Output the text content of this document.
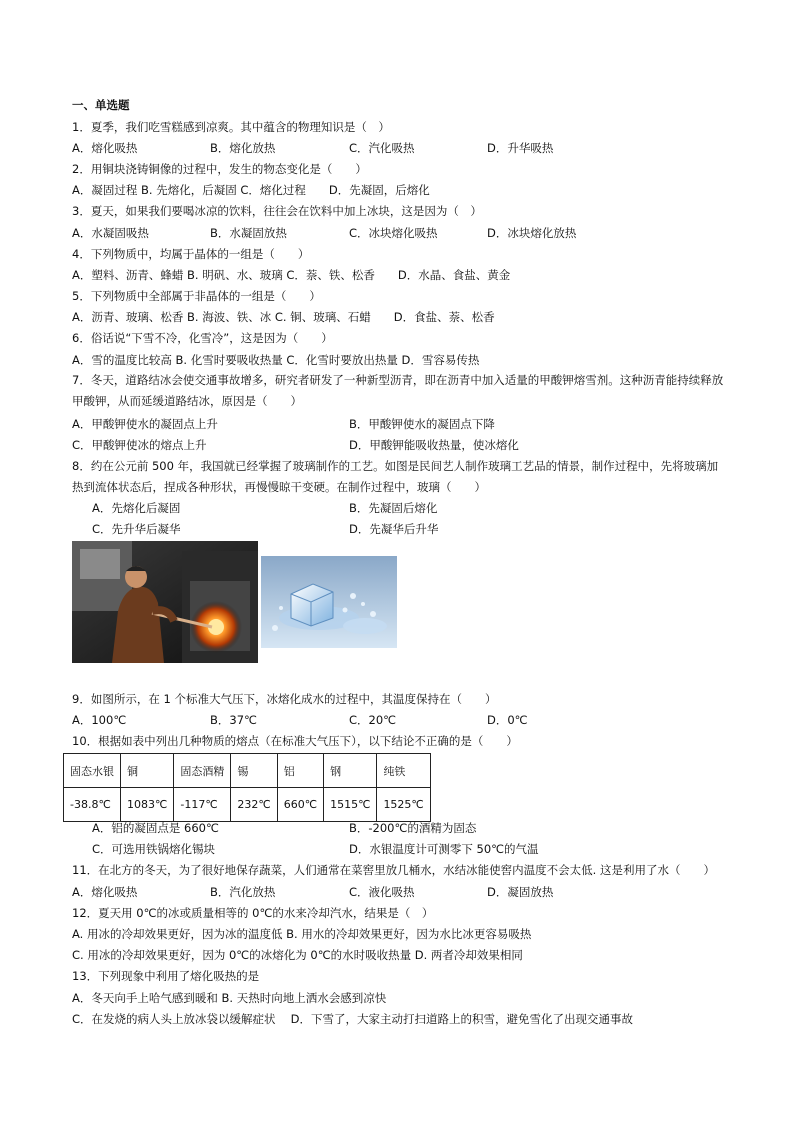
一、单选题
1．夏季，我们吃雪糕感到凉爽。其中蕴含的物理知识是（　）
A．熔化吸热	B．熔化放热	C．汽化吸热	D．升华吸热
2．用铜块浇铸铜像的过程中，发生的物态变化是（　　）
A．凝固过程 B. 先熔化，后凝固 C．熔化过程　　D．先凝固，后熔化
3．夏天，如果我们要喝冰凉的饮料，往往会在饮料中加上冰块，这是因为（　）
A．水凝固吸热	B．水凝固放热	C．冰块熔化吸热	D．冰块熔化放热
4．下列物质中，均属于晶体的一组是（　　）
A．塑料、沥青、蜂蜡 B. 明矾、水、玻璃 C．萘、铁、松香　　D．水晶、食盐、黄金
5．下列物质中全部属于非晶体的一组是（　　）
A．沥青、玻璃、松香 B. 海波、铁、冰 C. 铜、玻璃、石蜡　　D．食盐、萘、松香
6．俗话说“下雪不冷，化雪冷”，这是因为（　　）
A．雪的温度比较高 B. 化雪时要吸收热量 C．化雪时要放出热量 D．雪容易传热
7．冬天，道路结冰会使交通事故增多，研究者研发了一种新型沥青，即在沥青中加入适量的甲酸钾熔雪剂。这种沥青能持续释放甲酸钾，从而延缓道路结冰，原因是（　　）
A．甲酸钾使水的凝固点上升	B．甲酸钾使水的凝固点下降
C．甲酸钾使冰的熔点上升	D．甲酸钾能吸收热量，使冰熔化
8．约在公元前 500 年，我国就已经掌握了玻璃制作的工艺。如图是民间艺人制作玻璃工艺品的情景，制作过程中，先将玻璃加热到流体状态后，捏成各种形状，再慢慢晾干变硬。在制作过程中，玻璃（　　）
A．先熔化后凝固	B．先凝固后熔化
C．先升华后凝华	D．先凝华后升华
9．如图所示，在 1 个标准大气压下，冰熔化成水的过程中，其温度保持在（　　）
A．100℃	B．37℃	C．20℃	D．0℃
10．根据如表中列出几种物质的熔点（在标准大气压下），以下结论不正确的是（　　）
固态水银	铜	固态酒精	锡	铝	钢	纯铁
-38.8℃	1083℃	-117℃	232℃	660℃	1515℃	1525℃
A．铝的凝固点是 660℃	B．-200℃的酒精为固态
C．可选用铁锅熔化锡块	D．水银温度计可测零下 50℃的气温
11．在北方的冬天，为了很好地保存蔬菜，人们通常在菜窖里放几桶水，水结冰能使窖内温度不会太低. 这是利用了水（　　）
A．熔化吸热	B．汽化放热	C．液化吸热	D．凝固放热
12．夏天用 0℃的冰或质量相等的 0℃的水来冷却汽水，结果是（　）
A. 用冰的冷却效果更好，因为冰的温度低 B. 用水的冷却效果更好，因为水比冰更容易吸热
C. 用冰的冷却效果更好，因为 0℃的冰熔化为 0℃的水时吸收热量 D. 两者冷却效果相同
13．下列现象中利用了熔化吸热的是
A．冬天向手上哈气感到暖和 B. 天热时向地上洒水会感到凉快
C．在发烧的病人头上放冰袋以缓解症状　 D．下雪了，大家主动打扫道路上的积雪，避免雪化了出现交通事故
